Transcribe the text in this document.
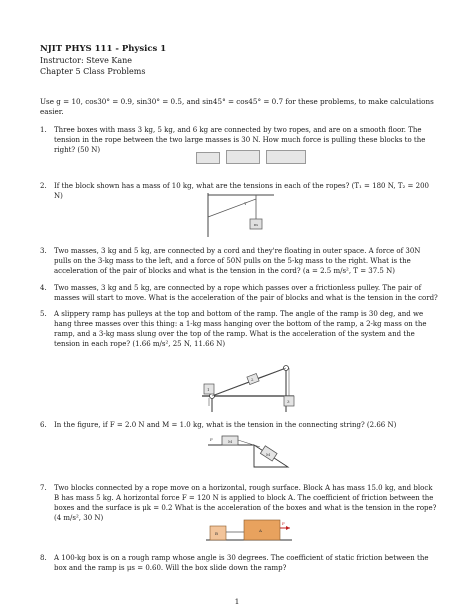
NJIT PHYS 111 - Physics 1
Instructor: Steve Kane
Chapter 5 Class Problems
Use g = 10, cos30° = 0.9, sin30° = 0.5, and sin45° = cos45° = 0.7 for these problems, to make calculations easier.
1. Three boxes with mass 3 kg, 5 kg, and 6 kg are connected by two ropes, and are on a smooth floor. The tension in the rope between the two large masses is 30 N. How much force is pulling these blocks to the right? (50 N)

2. If the block shown has a mass of 10 kg, what are the tensions in each of the ropes? (T₁ = 180 N, T₂ = 200 N)

T
m
3. Two masses, 3 kg and 5 kg, are connected by a cord and they're floating in outer space. A force of 30N pulls on the 3-kg mass to the left, and a force of 50N pulls on the 5-kg mass to the right. What is the acceleration of the pair of blocks and what is the tension in the cord? (a = 2.5 m/s², T = 37.5 N)

4. Two masses, 3 kg and 5 kg, are connected by a rope which passes over a frictionless pulley. The pair of masses will start to move. What is the acceleration of the pair of blocks and what is the tension in the cord?

5. A slippery ramp has pulleys at the top and bottom of the ramp. The angle of the ramp is 30 deg, and we hang three masses over this thing: a 1-kg mass hanging over the bottom of the ramp, a 2-kg mass on the ramp, and a 3-kg mass slung over the top of the ramp. What is the acceleration of the system and the tension in each rope? (1.66 m/s², 25 N, 11.66 N)

1
2
3
6. In the figure, if F = 2.0 N and M = 1.0 kg, what is the tension in the connecting string? (2.66 N)

M
M
F
7. Two blocks connected by a rope move on a horizontal, rough surface. Block A has mass 15.0 kg, and block B has mass 5 kg. A horizontal force F = 120 N is applied to block A. The coefficient of friction between the boxes and the surface is μk = 0.2 What is the acceleration of the boxes and what is the tension in the rope? (4 m/s², 30 N)

B
A
F
8. A 100-kg box is on a rough ramp whose angle is 30 degrees. The coefficient of static friction between the box and the ramp is μs = 0.60. Will the box slide down the ramp?

1
